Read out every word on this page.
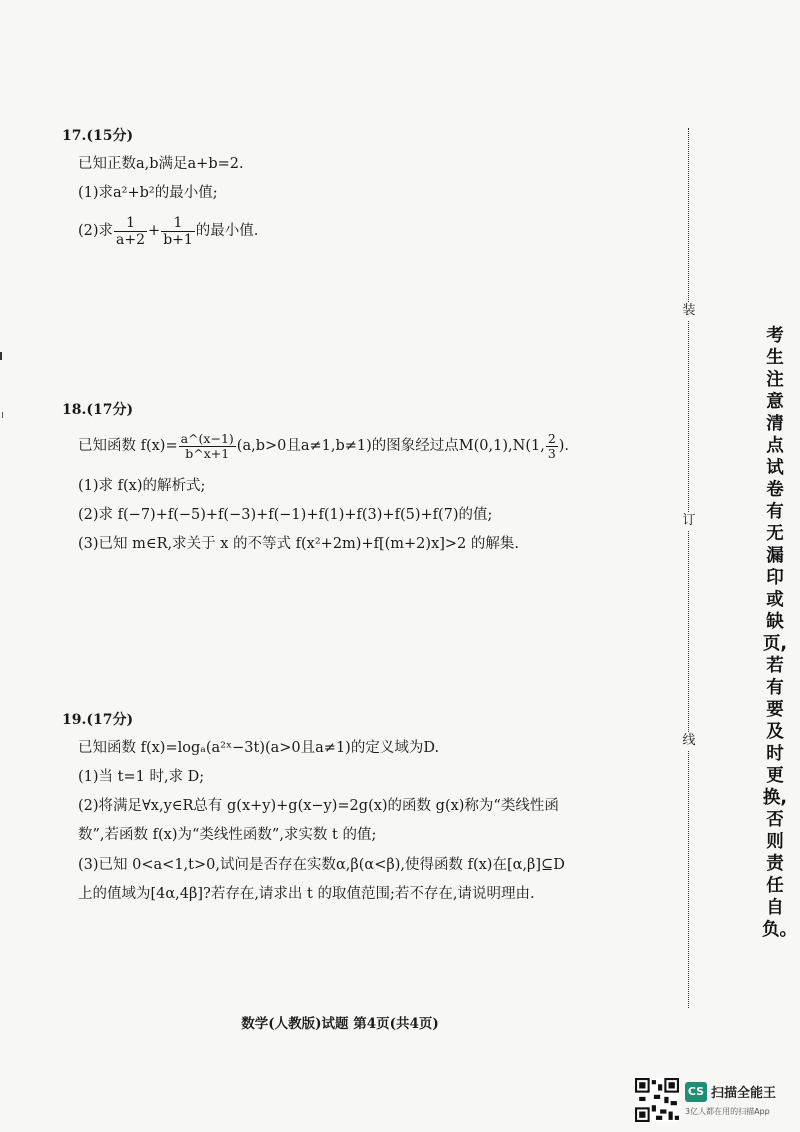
17.(15分)
已知正数a,b满足a+b=2.
(1)求a²+b²的最小值;
(2)求 $\frac{1}{a+2} + \frac{1}{b+1}$ 的最小值.
18.(17分)
已知函数 $f(x)= \frac{a\^{}(x-1)}{b\^{}x+1} (a,b>0$且a≠1,b≠1)的图象经过点M(0,1),N(1, $\frac{2}{3}$ ).
(1)求 f(x)的解析式;
(2)求 f(−7)+f(−5)+f(−3)+f(−1)+f(1)+f(3)+f(5)+f(7)的值;
(3)已知 m∈R,求关于 x 的不等式 f(x²+2m)+f[(m+2)x]>2 的解集.
19.(17分)
已知函数 f(x)=logₐ(a²ˣ−3t)(a>0且a≠1)的定义域为D.
(1)当 t=1 时,求 D;
(2)将满足∀x,y∈R总有 g(x+y)+g(x−y)=2g(x)的函数 g(x)称为“类线性函
数”,若函数 f(x)为“类线性函数”,求实数 t 的值;
(3)已知 0<a<1,t>0,试问是否存在实数α,β(α<β),使得函数 f(x)在[α,β]⊆D
上的值域为[4α,4β]?若存在,请求出 t 的取值范围;若不存在,请说明理由.
装
订
线
考生注意清点试卷有无漏印或缺页,若有要及时更换,否则责任自负。
数学(人教版)试题 第4页(共4页)
CS 扫描全能王
3亿人都在用的扫描App
